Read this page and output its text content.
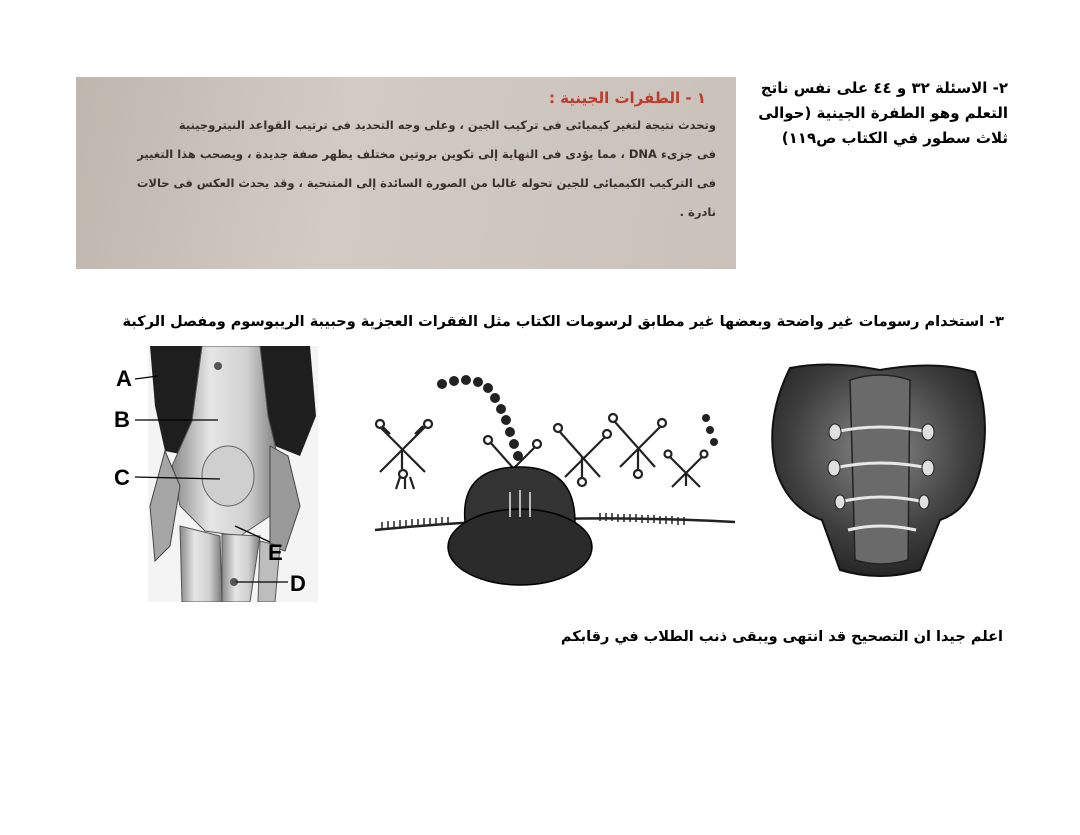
٢- الاسئلة ٣٢ و ٤٤ على نفس ناتج التعلم وهو الطفرة الجينية (حوالى ثلاث سطور في الكتاب ص١١٩)
١ - الطفرات الجينية :
وتحدث نتيجة لتغير كيميائى فى تركيب الجين ، وعلى وجه التحديد فى ترتيب القواعد النيتروجينية
فى جزىء DNA ، مما يؤدى فى النهاية إلى تكوين بروتين مختلف يظهر صفة جديدة ، ويصحب هذا التغيير
فى التركيب الكيميائى للجين تحوله غالبا من الصورة السائدة إلى المتنحية ، وقد يحدث العكس فى حالات
نادرة .
٣- استخدام رسومات غير واضحة وبعضها غير مطابق لرسومات الكتاب مثل الفقرات العجزية وحبيبة الريبوسوم ومفصل الركبة
A
B
C
E
D
اعلم جيدا ان التصحيح قد انتهى ويبقى ذنب الطلاب في رقابكم
